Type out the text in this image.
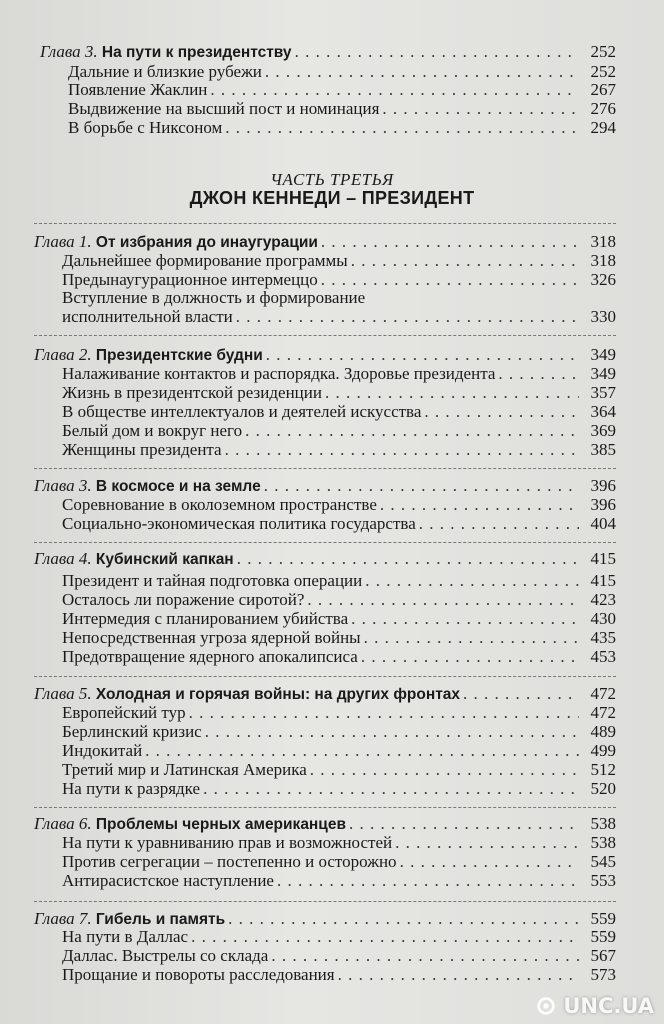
Глава 3. На пути к президентству . . .	252
Дальние и близкие рубежи . . .	252
Появление Жаклин . . .	267
Выдвижение на высший пост и номинация . . .	276
В борьбе с Никсоном . . .	294
ЧАСТЬ ТРЕТЬЯ
ДЖОН КЕННЕДИ – ПРЕЗИДЕНТ
Глава 1. От избрания до инаугурации . . .	318
Дальнейшее формирование программы . . .	318
Предынаугурационное интермеццо . . .	326
Вступление в должность и формирование
исполнительной власти . . .	330
Глава 2. Президентские будни . . .	349
Налаживание контактов и распорядка. Здоровье президента . . .	349
Жизнь в президентской резиденции . . .	357
В обществе интеллектуалов и деятелей искусства . . .	364
Белый дом и вокруг него . . .	369
Женщины президента . . .	385
Глава 3. В космосе и на земле . . .	396
Соревнование в околоземном пространстве . . .	396
Социально-экономическая политика государства . . .	404
Глава 4. Кубинский капкан . . .	415
Президент и тайная подготовка операции . . .	415
Осталось ли поражение сиротой? . . .	423
Интермедия с планированием убийства . . .	430
Непосредственная угроза ядерной войны . . .	435
Предотвращение ядерного апокалипсиса . . .	453
Глава 5. Холодная и горячая войны: на других фронтах . . .	472
Европейский тур . . .	472
Берлинский кризис . . .	489
Индокитай . . .	499
Третий мир и Латинская Америка . . .	512
На пути к разрядке . . .	520
Глава 6. Проблемы черных американцев . . .	538
На пути к уравниванию прав и возможностей . . .	538
Против сегрегации – постепенно и осторожно . . .	545
Антирасистское наступление . . .	553
Глава 7. Гибель и память . . .	559
На пути в Даллас . . .	559
Даллас. Выстрелы со склада . . .	567
Прощание и повороты расследования . . .	573
UNC.UA
